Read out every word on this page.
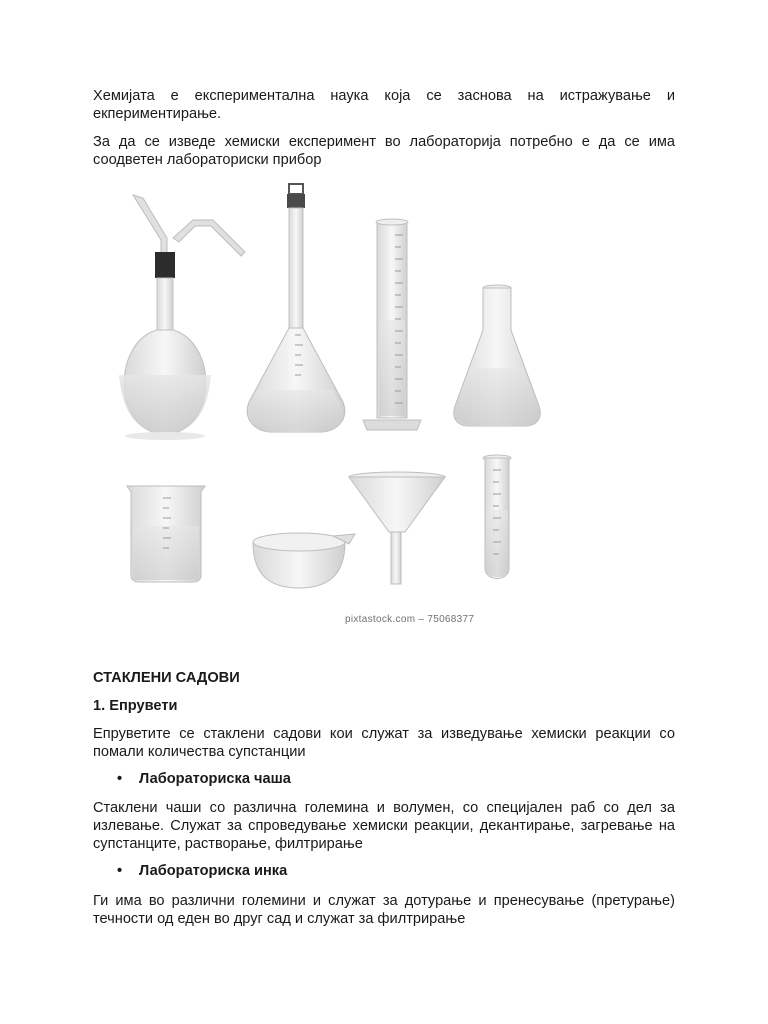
Хемијата е експериментална наука која се заснова на истражување и екпериментирање.

За да се изведе хемиски експеримент во лабораторија потребно е да се има соодветен лабораториски прибор

pixtastock.com – 75068377
СТАКЛЕНИ САДОВИ
1. Епрувети

Епруветите се стаклени садови кои служат за изведување хемиски реакции со помали количества супстанции

• Лабораториска чаша

Стаклени чаши со различна големина и волумен, со специјален раб со дел за излевање. Служат за спроведување хемиски реакции, декантирање, загревање на супстанците, растворање, филтрирање

• Лабораториска инка

Ги има во различни големини и служат за дотурање и пренесување (претурање) течности од еден во друг сад и служат за филтрирање
